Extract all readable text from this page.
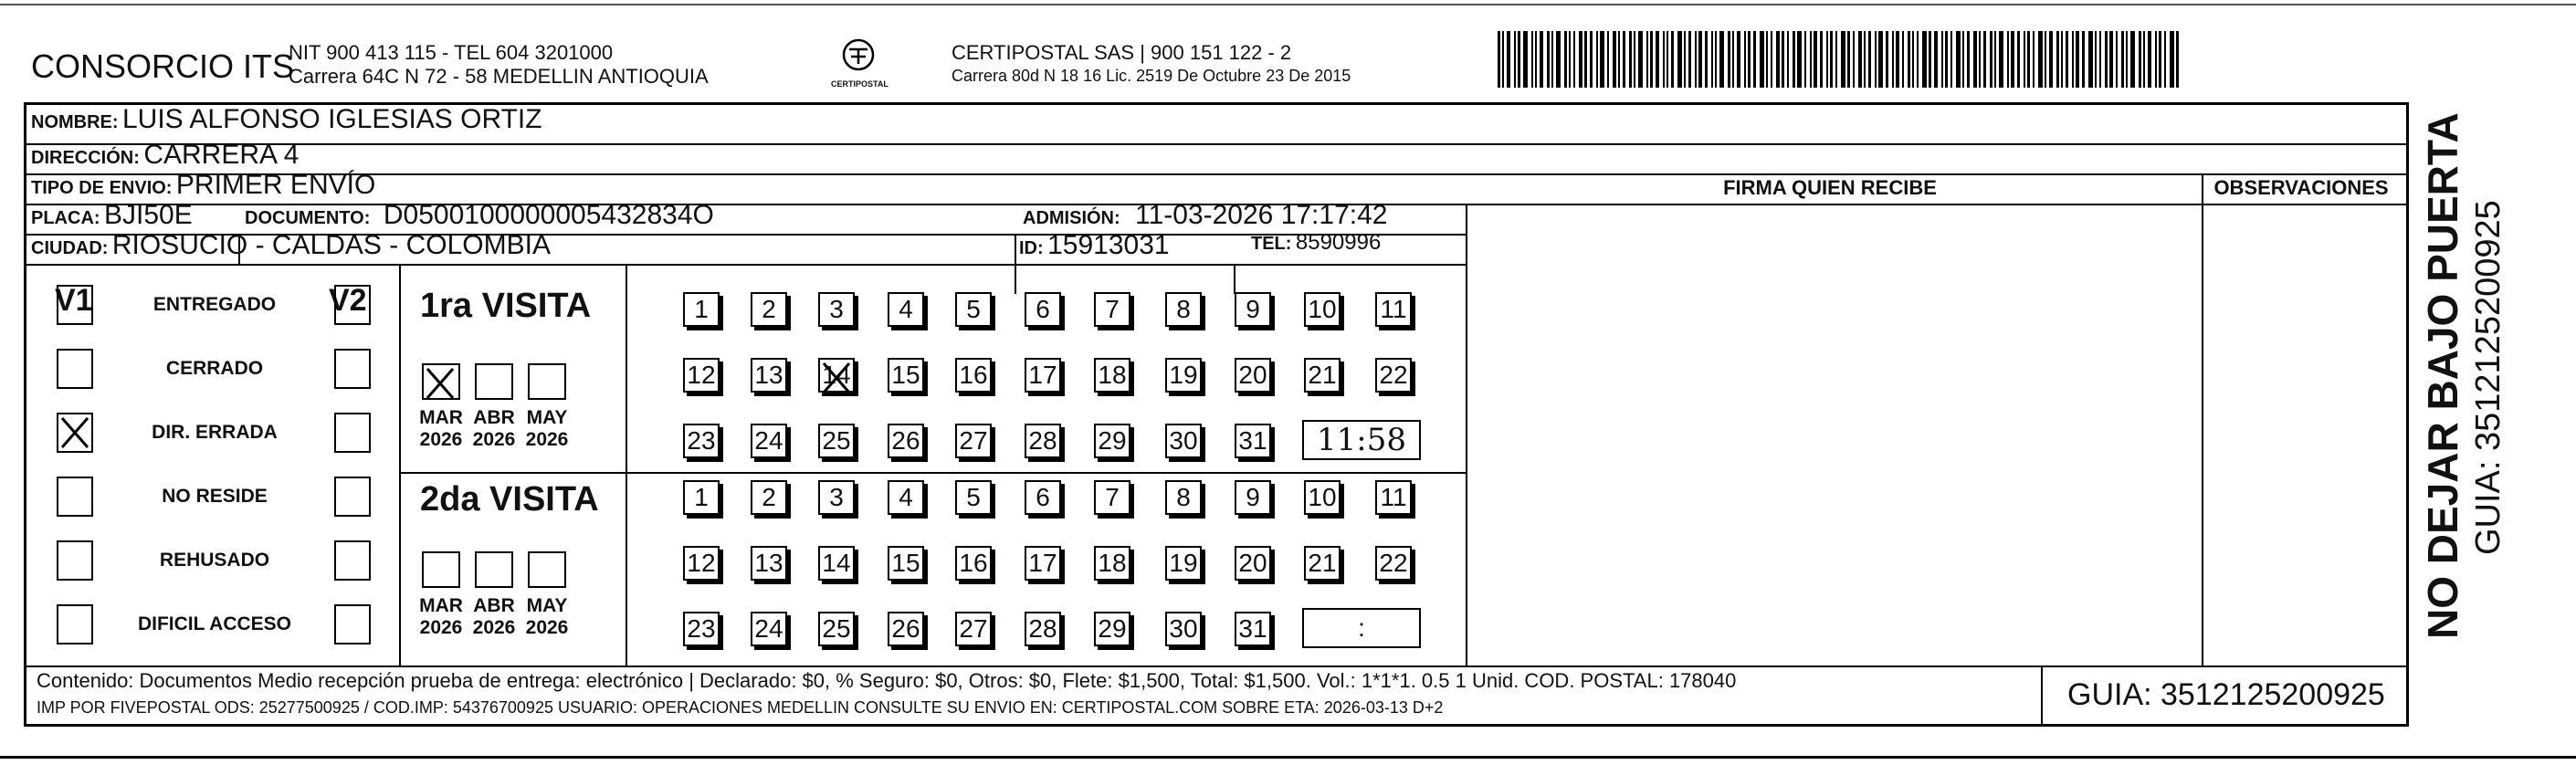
CONSORCIO ITS
NIT 900 413 115 - TEL 604 3201000
Carrera 64C N 72 - 58 MEDELLIN ANTIOQUIA	CERTIPOSTAL
CERTIPOSTAL SAS | 900 151 122 - 2
Carrera 80d N 18 16 Lic. 2519 De Octubre 23 De 2015
NOMBRE: LUIS ALFONSO IGLESIAS ORTIZ
DIRECCIÓN: CARRERA 4
TIPO DE ENVIO: PRIMER ENVÍO
PLACA: BJI50E	DOCUMENTO: D0500100000005432834O	ADMISIÓN: 11-03-2026 17:17:42
CIUDAD: RIOSUCIO - CALDAS - COLOMBIA	ID: 15913031	TEL: 8590996
FIRMA QUIEN RECIBE	OBSERVACIONES
V1	V2 1ra VISITA
2da VISITA
Contenido: Documentos Medio recepción prueba de entrega: electrónico | Declarado: $0, % Seguro: $0, Otros: $0, Flete: $1,500, Total: $1,500. Vol.: 1*1*1. 0.5 1 Unid. COD. POSTAL: 178040
IMP POR FIVEPOSTAL ODS: 25277500925 / COD.IMP: 54376700925 USUARIO: OPERACIONES MEDELLIN CONSULTE SU ENVIO EN: CERTIPOSTAL.COM SOBRE ETA: 2026-03-13 D+2	GUIA: 3512125200925
NO DEJAR BAJO PUERTA GUIA: 3512125200925
ENTREGADO
CERRADO
DIR. ERRADA
NO RESIDE
REHUSADO
DIFICIL ACCESO
MAR
2026
ABR
2026
MAY
2026
1	2	3	4	5	6	7	8	9	10 11
12 13 14 15 16 17 18 19 20 21 22
23 24 25 26 27 28 29 30 31	11:58
MAR
2026
ABR
2026
MAY
2026
1	2	3	4	5	6	7	8	9	10 11
12 13 14 15 16 17 18 19 20 21 22
23 24 25 26 27 28 29 30 31	:
